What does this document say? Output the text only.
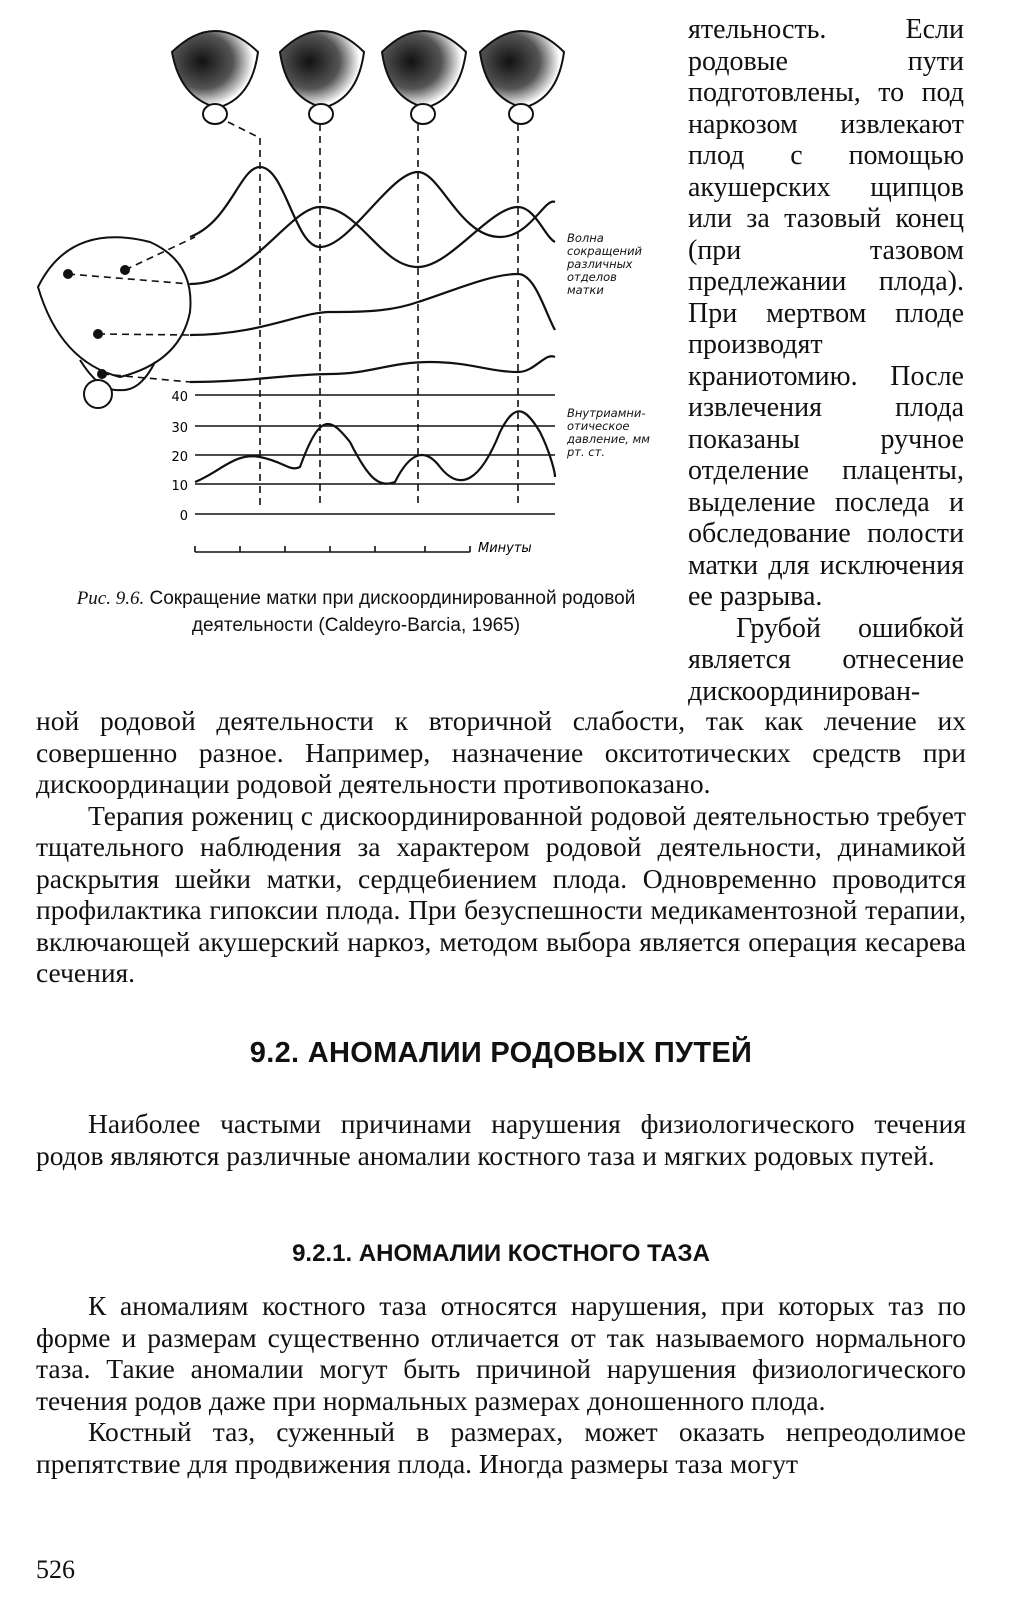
40
30
20
10
0
Минуты
Волна сокращений различных отделов матки
Внутриамни- отическое давление, мм рт. ст.
Рис. 9.6. Сокращение матки при дискоординированной родовой деятельности (Caldeyro-Barcia, 1965)

ятельность. Если родовые пути подготовлены, то под наркозом извлекают плод с помощью акушерских щипцов или за тазовый конец (при тазовом предлежании плода). При мертвом плоде производят краниотомию. После извлечения плода показаны ручное отделение плаценты, выделение последа и обследование полости матки для исключения ее разрыва.

Грубой ошибкой является отнесение дискоординирован-

ной родовой деятельности к вторичной слабости, так как лечение их совершенно разное. Например, назначение окситотических средств при дискоординации родовой деятельности противопоказано.

Терапия рожениц с дискоординированной родовой деятельностью требует тщательного наблюдения за характером родовой деятельности, динамикой раскрытия шейки матки, сердцебиением плода. Одновременно проводится профилактика гипоксии плода. При безуспешности медикаментозной терапии, включающей акушерский наркоз, методом выбора является операция кесарева сечения.

9.2. АНОМАЛИИ РОДОВЫХ ПУТЕЙ

Наиболее частыми причинами нарушения физиологического течения родов являются различные аномалии костного таза и мягких родовых путей.

9.2.1. АНОМАЛИИ КОСТНОГО ТАЗА

К аномалиям костного таза относятся нарушения, при которых таз по форме и размерам существенно отличается от так называемого нормального таза. Такие аномалии могут быть причиной нарушения физиологического течения родов даже при нормальных размерах доношенного плода.

Костный таз, суженный в размерах, может оказать непреодолимое препятствие для продвижения плода. Иногда размеры таза могут

526
